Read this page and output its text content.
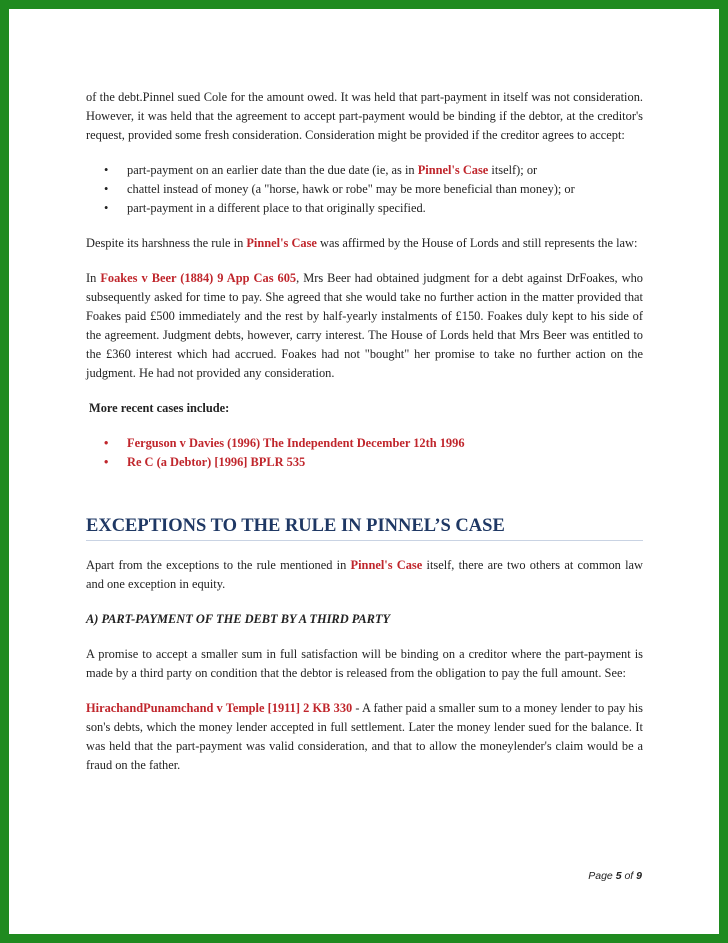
of the debt.Pinnel sued Cole for the amount owed. It was held that part-payment in itself was not consideration. However, it was held that the agreement to accept part-payment would be binding if the debtor, at the creditor's request, provided some fresh consideration. Consideration might be provided if the creditor agrees to accept:

• part-payment on an earlier date than the due date (ie, as in Pinnel's Case itself); or
• chattel instead of money (a "horse, hawk or robe" may be more beneficial than money); or
• part-payment in a different place to that originally specified.

Despite its harshness the rule in Pinnel's Case was affirmed by the House of Lords and still represents the law:

In Foakes v Beer (1884) 9 App Cas 605, Mrs Beer had obtained judgment for a debt against DrFoakes, who subsequently asked for time to pay. She agreed that she would take no further action in the matter provided that Foakes paid £500 immediately and the rest by half-yearly instalments of £150. Foakes duly kept to his side of the agreement. Judgment debts, however, carry interest. The House of Lords held that Mrs Beer was entitled to the £360 interest which had accrued. Foakes had not "bought" her promise to take no further action on the judgment. He had not provided any consideration.

More recent cases include:

• Ferguson v Davies (1996) The Independent December 12th 1996
• Re C (a Debtor) [1996] BPLR 535
EXCEPTIONS TO THE RULE IN PINNEL’S CASE

Apart from the exceptions to the rule mentioned in Pinnel's Case itself, there are two others at common law and one exception in equity.

A) PART-PAYMENT OF THE DEBT BY A THIRD PARTY

A promise to accept a smaller sum in full satisfaction will be binding on a creditor where the part-payment is made by a third party on condition that the debtor is released from the obligation to pay the full amount. See:

HirachandPunamchand v Temple [1911] 2 KB 330 - A father paid a smaller sum to a money lender to pay his son's debts, which the money lender accepted in full settlement. Later the money lender sued for the balance. It was held that the part-payment was valid consideration, and that to allow the moneylender's claim would be a fraud on the father.

Page 5 of 9
